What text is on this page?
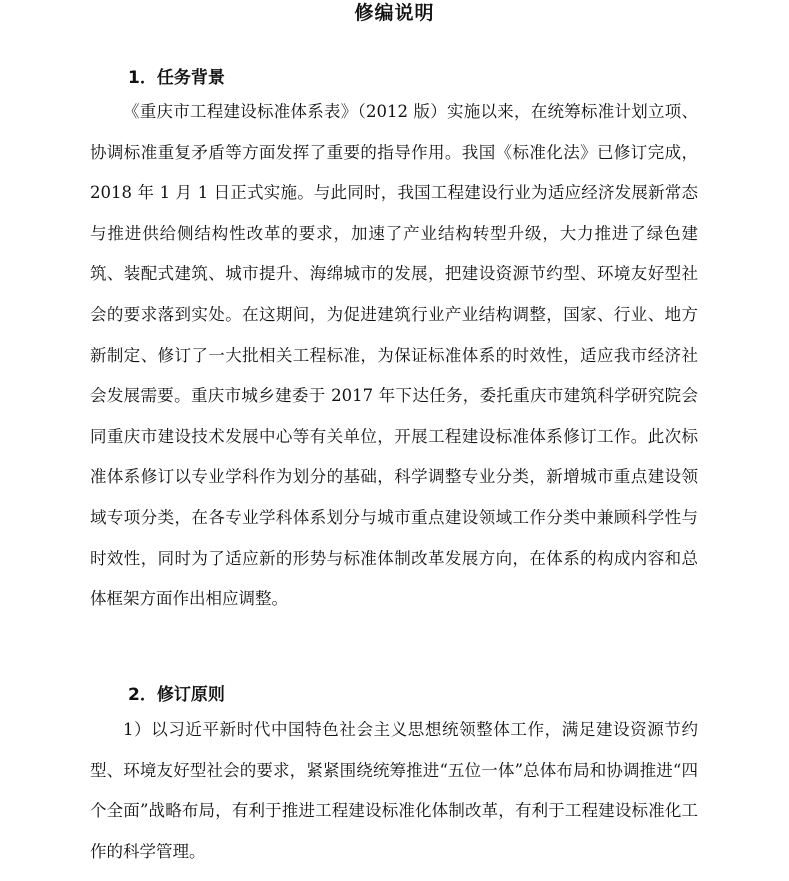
修编说明
1．任务背景

《重庆市工程建设标准体系表》（2012 版）实施以来，在统筹标准计划立项、协调标准重复矛盾等方面发挥了重要的指导作用。我国《标准化法》已修订完成，2018 年 1 月 1 日正式实施。与此同时，我国工程建设行业为适应经济发展新常态与推进供给侧结构性改革的要求，加速了产业结构转型升级，大力推进了绿色建筑、装配式建筑、城市提升、海绵城市的发展，把建设资源节约型、环境友好型社会的要求落到实处。在这期间，为促进建筑行业产业结构调整，国家、行业、地方新制定、修订了一大批相关工程标准，为保证标准体系的时效性，适应我市经济社会发展需要。重庆市城乡建委于 2017 年下达任务，委托重庆市建筑科学研究院会同重庆市建设技术发展中心等有关单位，开展工程建设标准体系修订工作。此次标准体系修订以专业学科作为划分的基础，科学调整专业分类，新增城市重点建设领域专项分类，在各专业学科体系划分与城市重点建设领域工作分类中兼顾科学性与时效性，同时为了适应新的形势与标准体制改革发展方向，在体系的构成内容和总体框架方面作出相应调整。

2．修订原则

1）以习近平新时代中国特色社会主义思想统领整体工作，满足建设资源节约型、环境友好型社会的要求，紧紧围绕统筹推进“五位一体”总体布局和协调推进“四个全面”战略布局，有利于推进工程建设标准化体制改革，有利于工程建设标准化工作的科学管理。
